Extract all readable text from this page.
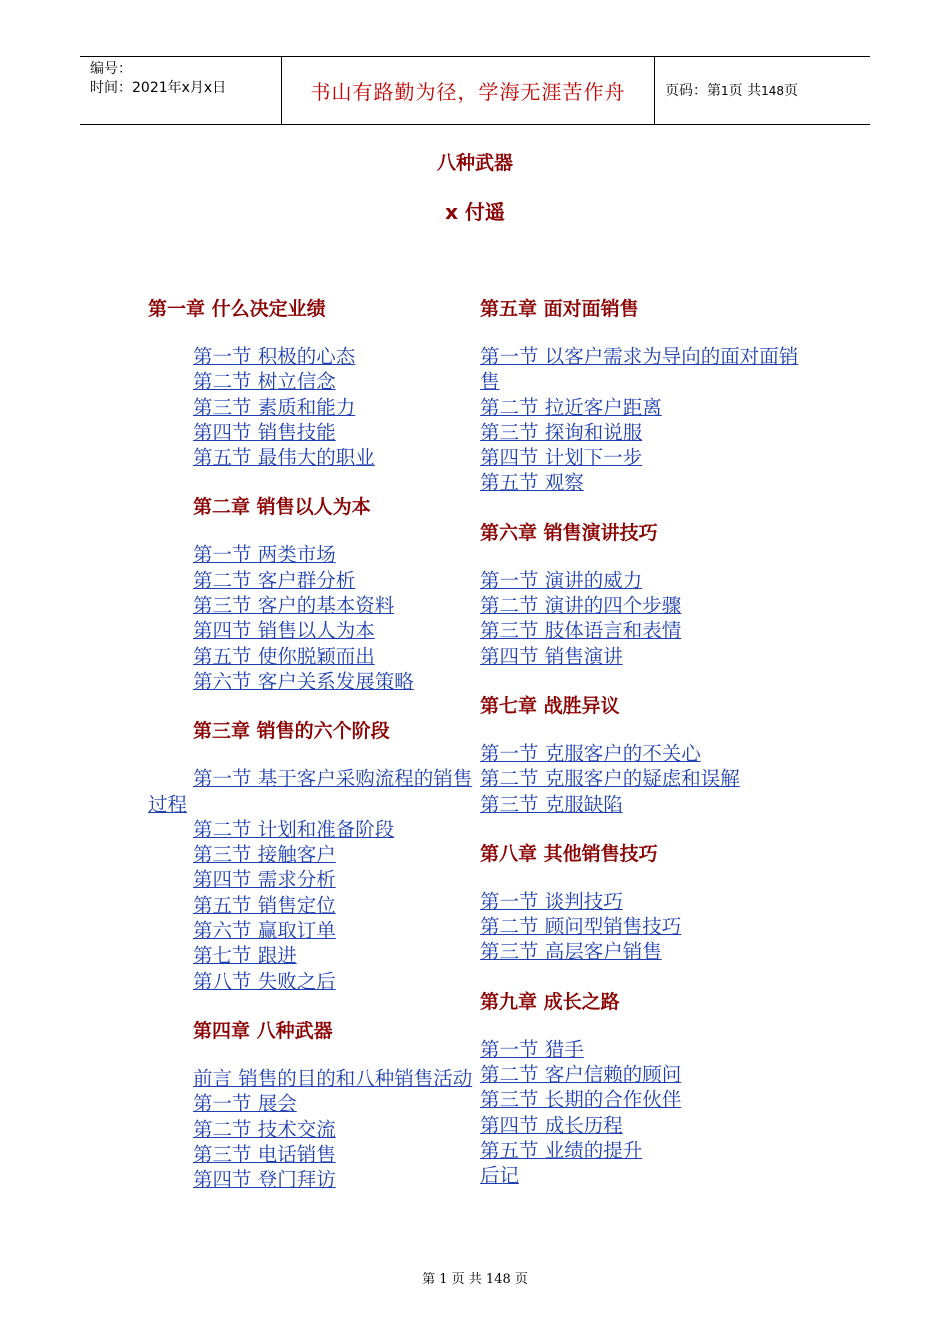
编号：
时间：2021年x月x日	书山有路勤为径，学海无涯苦作舟	页码：第1页 共148页
八种武器
x 付遥
第一章 什么决定业绩
第一节 积极的心态
第二节 树立信念
第三节 素质和能力
第四节 销售技能
第五节 最伟大的职业
第二章 销售以人为本
第一节 两类市场
第二节 客户群分析
第三节 客户的基本资料
第四节 销售以人为本
第五节 使你脱颖而出
第六节 客户关系发展策略
第三章 销售的六个阶段
第一节 基于客户采购流程的销售过程
第二节 计划和准备阶段
第三节 接触客户
第四节 需求分析
第五节 销售定位
第六节 赢取订单
第七节 跟进
第八节 失败之后
第四章 八种武器
前言 销售的目的和八种销售活动
第一节 展会
第二节 技术交流
第三节 电话销售
第四节 登门拜访
第五章 面对面销售
第一节 以客户需求为导向的面对面销售
第二节 拉近客户距离
第三节 探询和说服
第四节 计划下一步
第五节 观察
第六章 销售演讲技巧
第一节 演讲的威力
第二节 演讲的四个步骤
第三节 肢体语言和表情
第四节 销售演讲
第七章 战胜异议
第一节 克服客户的不关心
第二节 克服客户的疑虑和误解
第三节 克服缺陷
第八章 其他销售技巧
第一节 谈判技巧
第二节 顾问型销售技巧
第三节 高层客户销售
第九章 成长之路
第一节 猎手
第二节 客户信赖的顾问
第三节 长期的合作伙伴
第四节 成长历程
第五节 业绩的提升
后记
第 1 页 共 148 页
